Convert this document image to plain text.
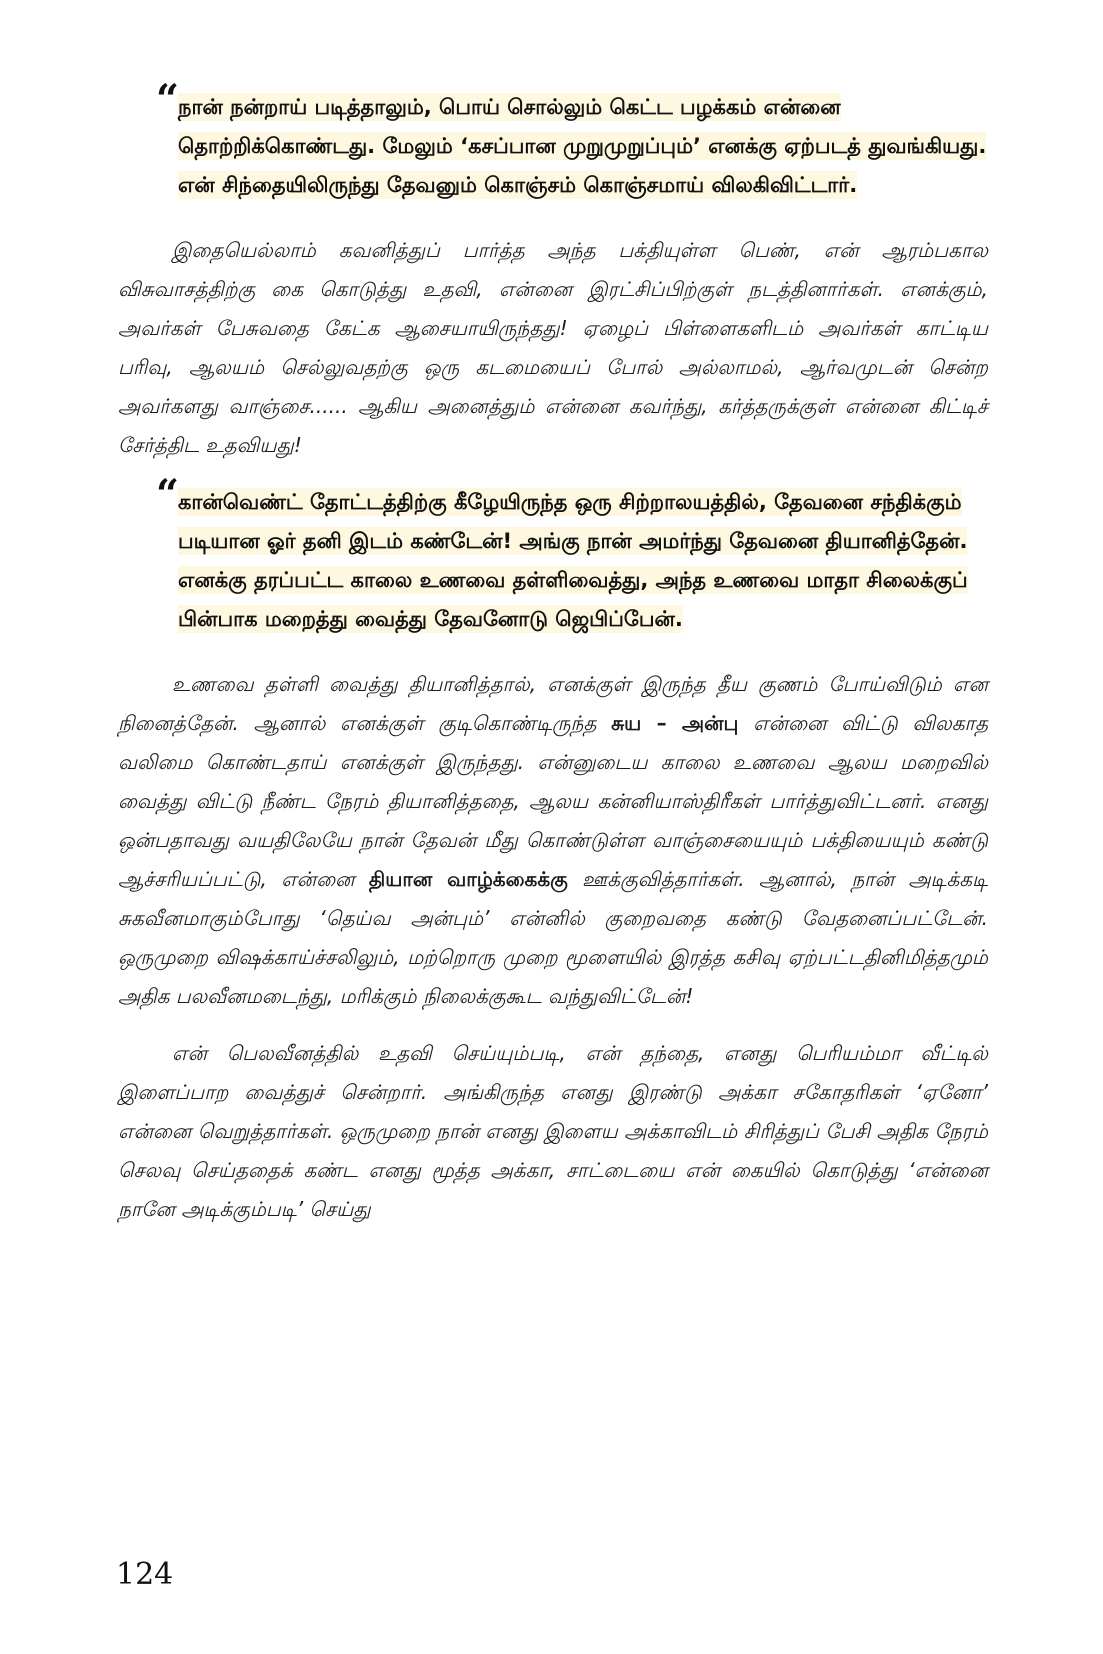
“
நான் நன்றாய் படித்தாலும், பொய் சொல்லும் கெட்ட பழக்கம் என்னை தொற்றிக்கொண்டது. மேலும் ‘கசப்பான முறுமுறுப்பும்’ எனக்கு ஏற்படத் துவங்கியது. என் சிந்தையிலிருந்து தேவனும் கொஞ்சம் கொஞ்சமாய் விலகிவிட்டார்.

இதையெல்லாம் கவனித்துப் பார்த்த அந்த பக்தியுள்ள பெண், என் ஆரம்பகால விசுவாசத்திற்கு கை கொடுத்து உதவி, என்னை இரட்சிப்பிற்குள் நடத்தினார்கள். எனக்கும், அவர்கள் பேசுவதை கேட்க ஆசையாயிருந்தது! ஏழைப் பிள்ளைகளிடம் அவர்கள் காட்டிய பரிவு, ஆலயம் செல்லுவதற்கு ஒரு கடமையைப் போல் அல்லாமல், ஆர்வமுடன் சென்ற அவர்களது வாஞ்சை...... ஆகிய அனைத்தும் என்னை கவர்ந்து, கர்த்தருக்குள் என்னை கிட்டிச் சேர்த்திட உதவியது!

“
கான்வெண்ட் தோட்டத்திற்கு கீழேயிருந்த ஒரு சிற்றாலயத்தில், தேவனை சந்திக்கும் படியான ஓர் தனி இடம் கண்டேன்! அங்கு நான் அமர்ந்து தேவனை தியானித்தேன். எனக்கு தரப்பட்ட காலை உணவை தள்ளிவைத்து, அந்த உணவை மாதா சிலைக்குப் பின்பாக மறைத்து வைத்து தேவனோடு ஜெபிப்பேன்.

உணவை தள்ளி வைத்து தியானித்தால், எனக்குள் இருந்த தீய குணம் போய்விடும் என நினைத்தேன். ஆனால் எனக்குள் குடிகொண்டிருந்த சுய – அன்பு என்னை விட்டு விலகாத வலிமை கொண்டதாய் எனக்குள் இருந்தது. என்னுடைய காலை உணவை ஆலய மறைவில் வைத்து விட்டு நீண்ட நேரம் தியானித்ததை, ஆலய கன்னியாஸ்திரீகள் பார்த்துவிட்டனர். எனது ஒன்பதாவது வயதிலேயே நான் தேவன் மீது கொண்டுள்ள வாஞ்சையையும் பக்தியையும் கண்டு ஆச்சரியப்பட்டு, என்னை தியான வாழ்க்கைக்கு ஊக்குவித்தார்கள். ஆனால், நான் அடிக்கடி சுகவீனமாகும்போது ‘தெய்வ அன்பும்’ என்னில் குறைவதை கண்டு வேதனைப்பட்டேன். ஒருமுறை விஷக்காய்ச்சலிலும், மற்றொரு முறை மூளையில் இரத்த கசிவு ஏற்பட்டதினிமித்தமும் அதிக பலவீனமடைந்து, மரிக்கும் நிலைக்குகூட வந்துவிட்டேன்!

என் பெலவீனத்தில் உதவி செய்யும்படி, என் தந்தை, எனது பெரியம்மா வீட்டில் இளைப்பாற வைத்துச் சென்றார். அங்கிருந்த எனது இரண்டு அக்கா சகோதரிகள் ‘ஏனோ’ என்னை வெறுத்தார்கள். ஒருமுறை நான் எனது இளைய அக்காவிடம் சிரித்துப் பேசி அதிக நேரம் செலவு செய்ததைக் கண்ட எனது மூத்த அக்கா, சாட்டையை என் கையில் கொடுத்து ‘என்னை நானே அடிக்கும்படி’ செய்து

124
